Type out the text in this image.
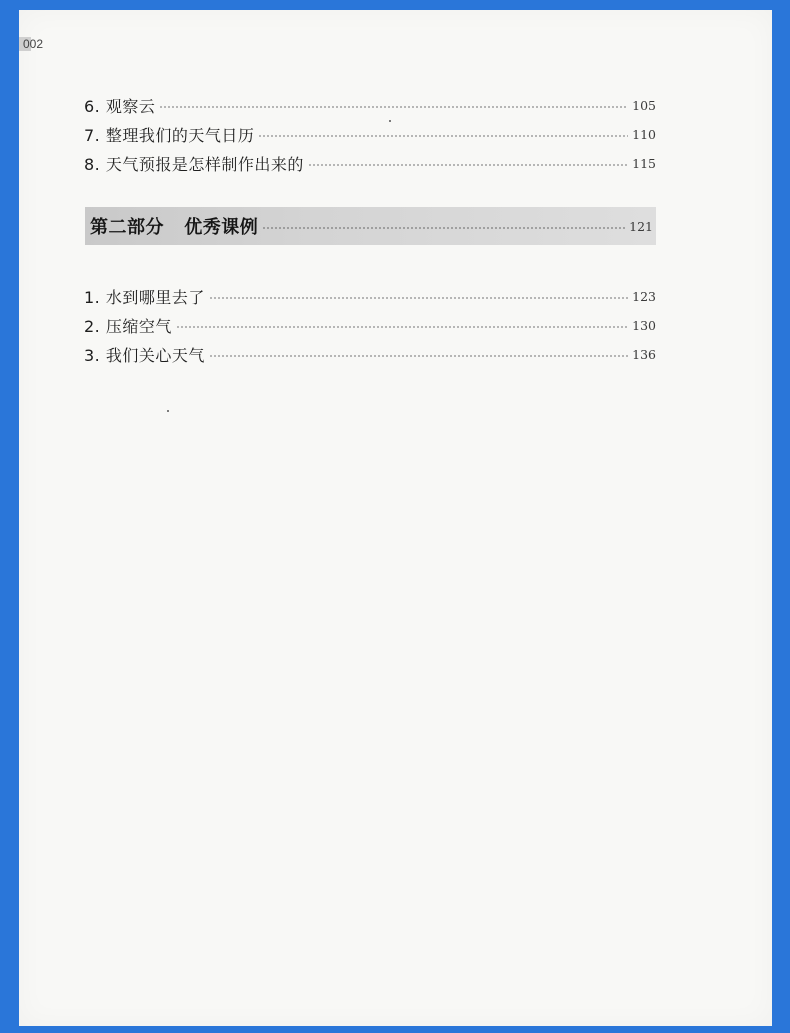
002
6. 观察云	105
7. 整理我们的天气日历	110
8. 天气预报是怎样制作出来的	115
第二部分   优秀课例	121
1. 水到哪里去了	123
2. 压缩空气	130
3. 我们关心天气	136
